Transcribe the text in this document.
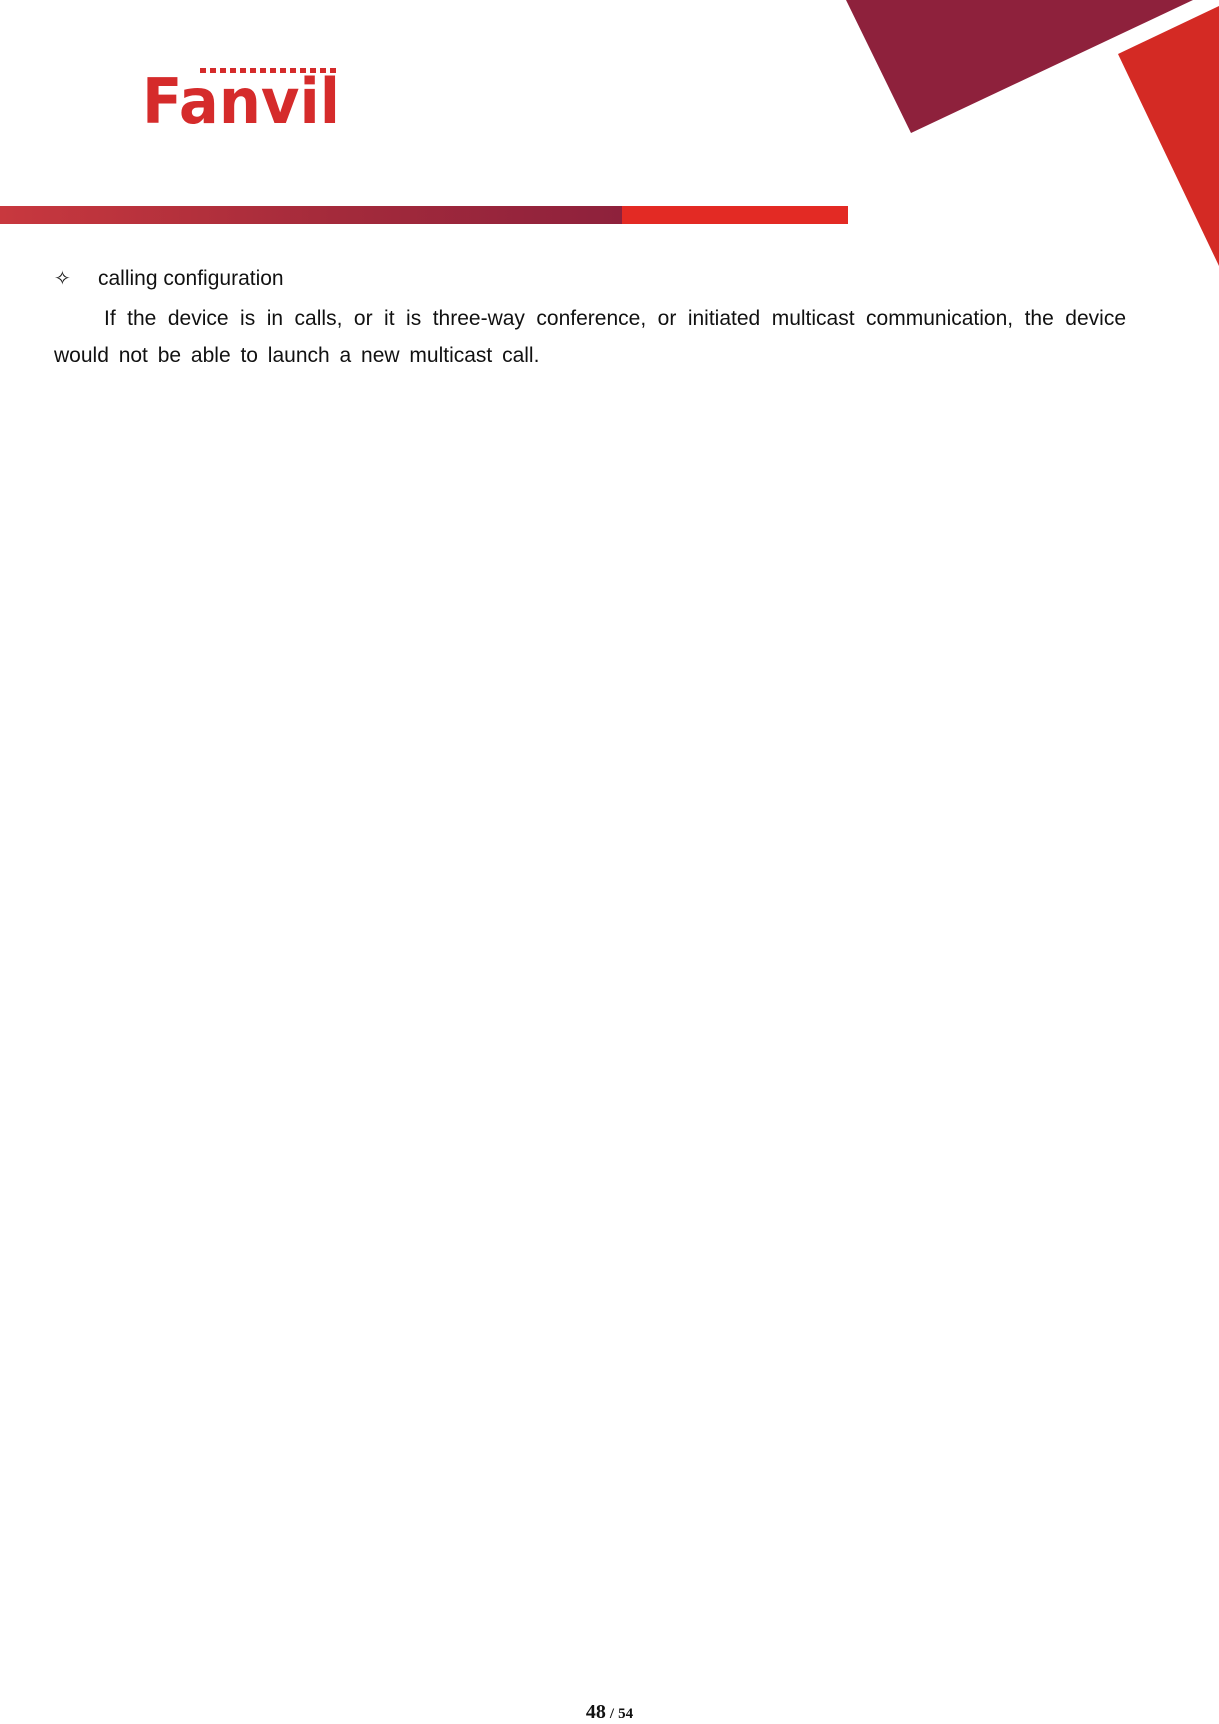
Fanvil
✧	calling configuration

If the device is in calls, or it is three-way conference, or initiated multicast communication, the device would not be able to launch a new multicast call.

48 / 54
